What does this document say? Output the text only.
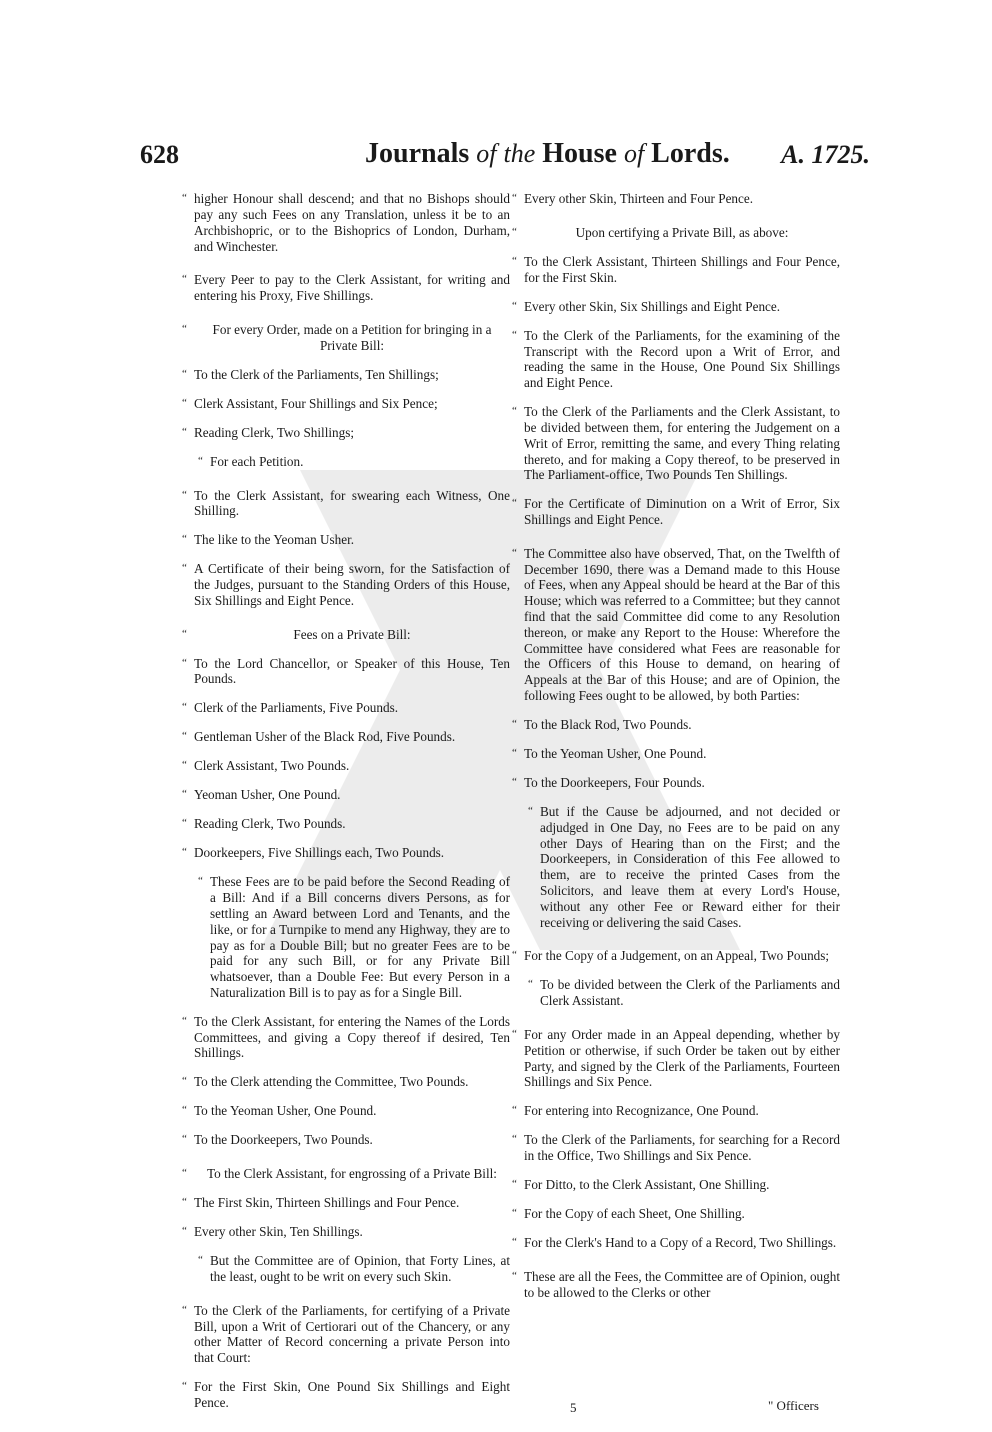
628	Journals of the House of Lords. A. 1725.

“ higher Honour shall descend; and that no Bishops should pay any such Fees on any Translation, unless it be to an Archbishopric, or to the Bishoprics of London, Durham, and Winchester.

“ Every Peer to pay to the Clerk Assistant, for writing and entering his Proxy, Five Shillings.

“ For every Order, made on a Petition for bringing in a Private Bill:

“ To the Clerk of the Parliaments, Ten Shillings;

“ Clerk Assistant, Four Shillings and Six Pence;

“ Reading Clerk, Two Shillings;

“ For each Petition.

“ To the Clerk Assistant, for swearing each Witness, One Shilling.

“ The like to the Yeoman Usher.

“ A Certificate of their being sworn, for the Satisfaction of the Judges, pursuant to the Standing Orders of this House, Six Shillings and Eight Pence.

“ Fees on a Private Bill:

“ To the Lord Chancellor, or Speaker of this House, Ten Pounds.

“ Clerk of the Parliaments, Five Pounds.

“ Gentleman Usher of the Black Rod, Five Pounds.

“ Clerk Assistant, Two Pounds.

“ Yeoman Usher, One Pound.

“ Reading Clerk, Two Pounds.

“ Doorkeepers, Five Shillings each, Two Pounds.

“ These Fees are to be paid before the Second Reading of a Bill: And if a Bill concerns divers Persons, as for settling an Award between Lord and Tenants, and the like, or for a Turnpike to mend any Highway, they are to pay as for a Double Bill; but no greater Fees are to be paid for any such Bill, or for any Private Bill whatsoever, than a Double Fee: But every Person in a Naturalization Bill is to pay as for a Single Bill.

“ To the Clerk Assistant, for entering the Names of the Lords Committees, and giving a Copy thereof if desired, Ten Shillings.

“ To the Clerk attending the Committee, Two Pounds.

“ To the Yeoman Usher, One Pound.

“ To the Doorkeepers, Two Pounds.

“ To the Clerk Assistant, for engrossing of a Private Bill:

“ The First Skin, Thirteen Shillings and Four Pence.

“ Every other Skin, Ten Shillings.

“ But the Committee are of Opinion, that Forty Lines, at the least, ought to be writ on every such Skin.

“ To the Clerk of the Parliaments, for certifying of a Private Bill, upon a Writ of Certiorari out of the Chancery, or any other Matter of Record concerning a private Person into that Court:

“ For the First Skin, One Pound Six Shillings and Eight Pence.

“ Every other Skin, Thirteen and Four Pence.

“ Upon certifying a Private Bill, as above:

“ To the Clerk Assistant, Thirteen Shillings and Four Pence, for the First Skin.

“ Every other Skin, Six Shillings and Eight Pence.

“ To the Clerk of the Parliaments, for the examining of the Transcript with the Record upon a Writ of Error, and reading the same in the House, One Pound Six Shillings and Eight Pence.

“ To the Clerk of the Parliaments and the Clerk Assistant, to be divided between them, for entering the Judgement on a Writ of Error, remitting the same, and every Thing relating thereto, and for making a Copy thereof, to be preserved in The Parliament-office, Two Pounds Ten Shillings.

“ For the Certificate of Diminution on a Writ of Error, Six Shillings and Eight Pence.

“ The Committee also have observed, That, on the Twelfth of December 1690, there was a Demand made to this House of Fees, when any Appeal should be heard at the Bar of this House; which was referred to a Committee; but they cannot find that the said Committee did come to any Resolution thereon, or make any Report to the House: Wherefore the Committee have considered what Fees are reasonable for the Officers of this House to demand, on hearing of Appeals at the Bar of this House; and are of Opinion, the following Fees ought to be allowed, by both Parties:

“ To the Black Rod, Two Pounds.

“ To the Yeoman Usher, One Pound.

“ To the Doorkeepers, Four Pounds.

“ But if the Cause be adjourned, and not decided or adjudged in One Day, no Fees are to be paid on any other Days of Hearing than on the First; and the Doorkeepers, in Consideration of this Fee allowed to them, are to receive the printed Cases from the Solicitors, and leave them at every Lord's House, without any other Fee or Reward either for their receiving or delivering the said Cases.

“ For the Copy of a Judgement, on an Appeal, Two Pounds;

“ To be divided between the Clerk of the Parliaments and Clerk Assistant.

“ For any Order made in an Appeal depending, whether by Petition or otherwise, if such Order be taken out by either Party, and signed by the Clerk of the Parliaments, Fourteen Shillings and Six Pence.

“ For entering into Recognizance, One Pound.

“ To the Clerk of the Parliaments, for searching for a Record in the Office, Two Shillings and Six Pence.

“ For Ditto, to the Clerk Assistant, One Shilling.

“ For the Copy of each Sheet, One Shilling.

“ For the Clerk's Hand to a Copy of a Record, Two Shillings.

“ These are all the Fees, the Committee are of Opinion, ought to be allowed to the Clerks or other

5	" Officers
